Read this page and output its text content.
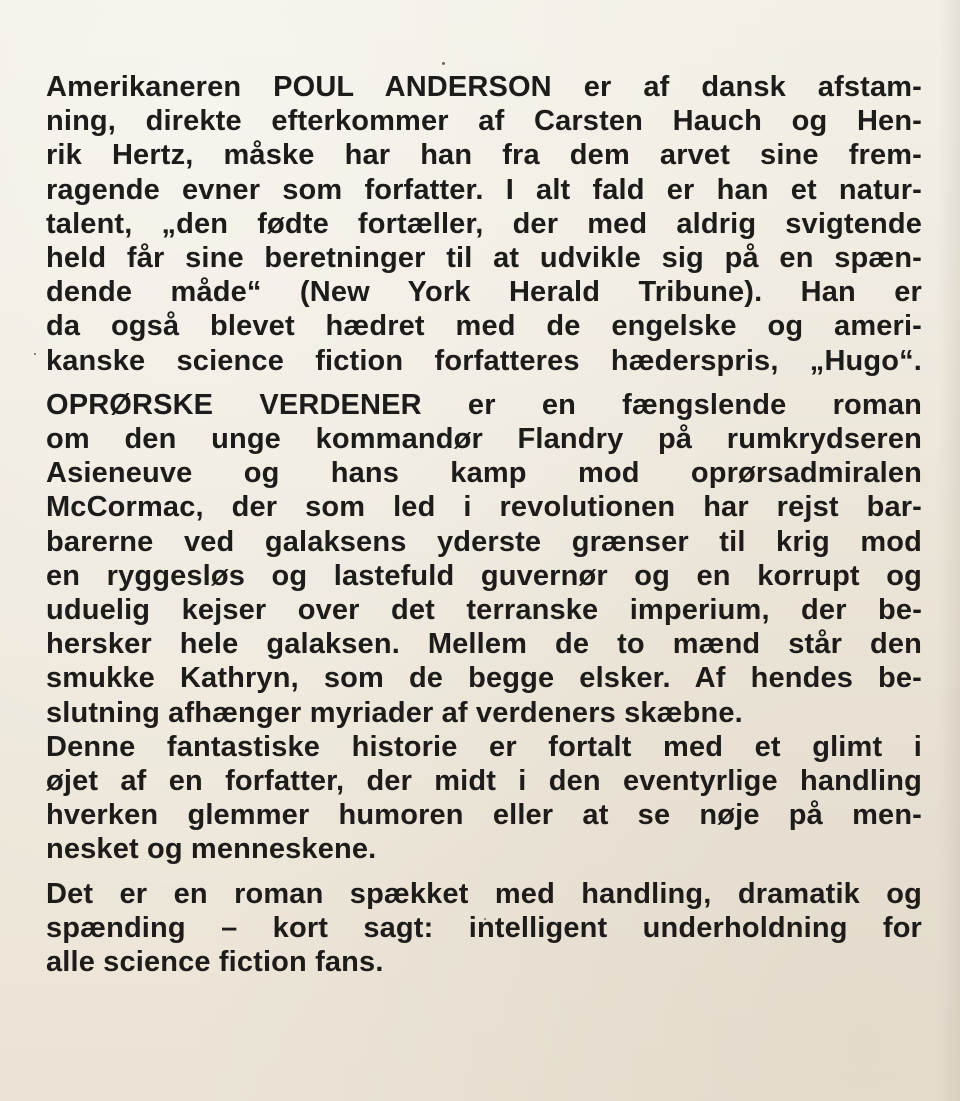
Amerikaneren POUL ANDERSON er af dansk afstam-
ning, direkte efterkommer af Carsten Hauch og Hen-
rik Hertz, måske har han fra dem arvet sine frem-
ragende evner som forfatter. I alt fald er han et natur-
talent, „den fødte fortæller, der med aldrig svigtende
held får sine beretninger til at udvikle sig på en spæn-
dende måde“ (New York Herald Tribune). Han er
da også blevet hædret med de engelske og ameri-
kanske science fiction forfatteres hæderspris, „Hugo“.

OPRØRSKE VERDENER er en fængslende roman
om den unge kommandør Flandry på rumkrydseren
Asieneuve og hans kamp mod oprørsadmiralen
McCormac, der som led i revolutionen har rejst bar-
barerne ved galaksens yderste grænser til krig mod
en ryggesløs og lastefuld guvernør og en korrupt og
uduelig kejser over det terranske imperium, der be-
hersker hele galaksen. Mellem de to mænd står den
smukke Kathryn, som de begge elsker. Af hendes be-
slutning afhænger myriader af verdeners skæbne.

Denne fantastiske historie er fortalt med et glimt i
øjet af en forfatter, der midt i den eventyrlige handling
hverken glemmer humoren eller at se nøje på men-
nesket og menneskene.

Det er en roman spækket med handling, dramatik og
spænding – kort sagt: intelligent underholdning for
alle science fiction fans.
